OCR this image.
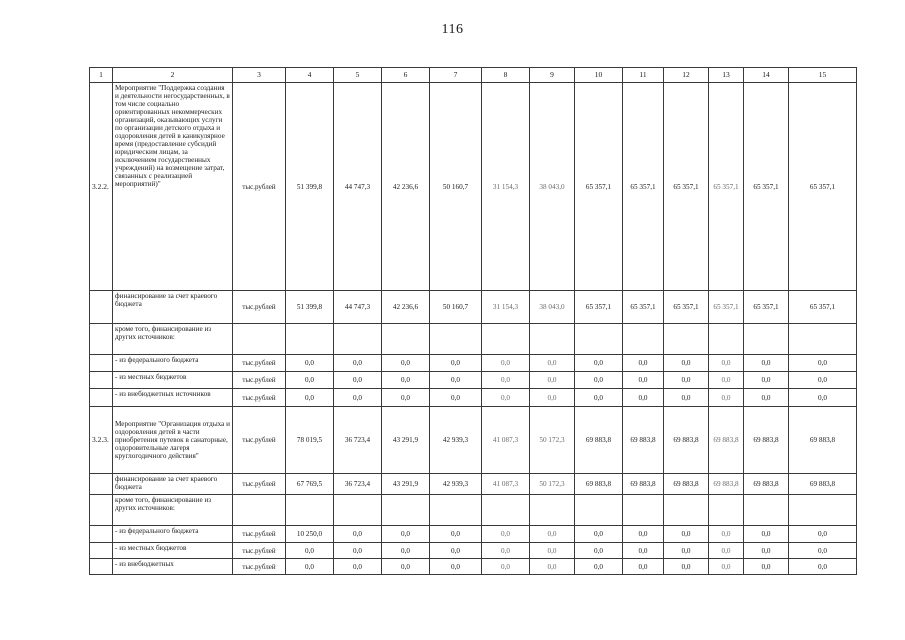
116
1	2	3	4	5	6	7	8	9	10	11	12	13	14	15
3.2.2.	Мероприятие "Поддержка создания и деятельности негосударственных, в том числе социально ориентированных некоммерческих организаций, оказывающих услуги по организации детского отдыха и оздоровления детей в каникулярное время (предоставление субсидий юридическим лицам, за исключением государственных учреждений) на возмещение затрат, связанных с реализацией мероприятий)"	тыс.рублей	51 399,8	44 747,3	42 236,6	50 160,7	31 154,3	38 043,0	65 357,1	65 357,1	65 357,1	65 357,1	65 357,1	65 357,1
	финансирование за счет краевого бюджета	тыс.рублей	51 399,8	44 747,3	42 236,6	50 160,7	31 154,3	38 043,0	65 357,1	65 357,1	65 357,1	65 357,1	65 357,1	65 357,1
	кроме того, финансирование из других источников:													
	- из федерального бюджета	тыс.рублей	0,0	0,0	0,0	0,0	0,0	0,0	0,0	0,0	0,0	0,0	0,0	0,0
	- из местных бюджетов	тыс.рублей	0,0	0,0	0,0	0,0	0,0	0,0	0,0	0,0	0,0	0,0	0,0	0,0
	- из внебюджетных источников	тыс.рублей	0,0	0,0	0,0	0,0	0,0	0,0	0,0	0,0	0,0	0,0	0,0	0,0
3.2.3.	Мероприятие "Организация отдыха и оздоровления детей в части приобретения путевок в санаторные, оздоровительные лагеря круглогодичного действия"	тыс.рублей	78 019,5	36 723,4	43 291,9	42 939,3	41 087,3	50 172,3	69 883,8	69 883,8	69 883,8	69 883,8	69 883,8	69 883,8
	финансирование за счет краевого бюджета	тыс.рублей	67 769,5	36 723,4	43 291,9	42 939,3	41 087,3	50 172,3	69 883,8	69 883,8	69 883,8	69 883,8	69 883,8	69 883,8
	кроме того, финансирование из других источников:													
	- из федерального бюджета	тыс.рублей	10 250,0	0,0	0,0	0,0	0,0	0,0	0,0	0,0	0,0	0,0	0,0	0,0
	- из местных бюджетов	тыс.рублей	0,0	0,0	0,0	0,0	0,0	0,0	0,0	0,0	0,0	0,0	0,0	0,0
	- из внебюджетных	тыс.рублей	0,0	0,0	0,0	0,0	0,0	0,0	0,0	0,0	0,0	0,0	0,0	0,0
